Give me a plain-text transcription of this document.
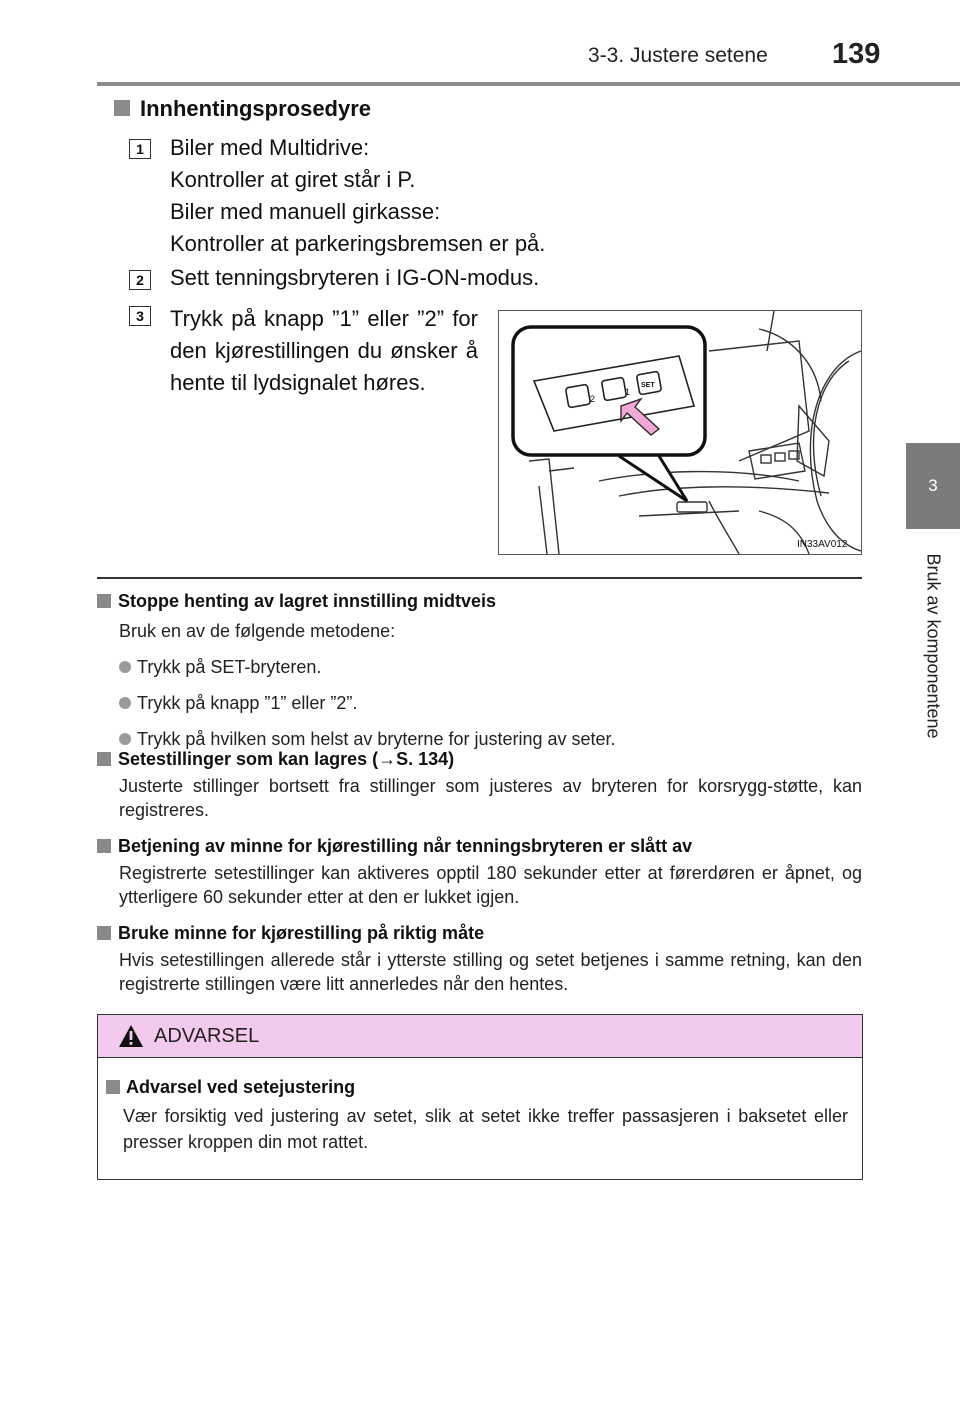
3-3. Justere setene 139
3
Bruk av komponentene
Innhentingsprosedyre
1	Biler med Multidrive:
Kontroller at giret står i P.
Biler med manuell girkasse:
Kontroller at parkeringsbremsen er på.
2	Sett tenningsbryteren i IG-ON-modus.
3	Trykk på knapp ”1” eller ”2” for den kjørestillingen du ønsker å hente til lydsignalet høres.
2
1
SET
IN33AV012
Stoppe henting av lagret innstilling midtveis
Bruk en av de følgende metodene:
Trykk på SET-bryteren.
Trykk på knapp ”1” eller ”2”.
Trykk på hvilken som helst av bryterne for justering av seter.
Setestillinger som kan lagres (→S. 134)
Justerte stillinger bortsett fra stillinger som justeres av bryteren for korsrygg-støtte, kan registreres.
Betjening av minne for kjørestilling når tenningsbryteren er slått av
Registrerte setestillinger kan aktiveres opptil 180 sekunder etter at førerdøren er åpnet, og ytterligere 60 sekunder etter at den er lukket igjen.
Bruke minne for kjørestilling på riktig måte
Hvis setestillingen allerede står i ytterste stilling og setet betjenes i samme retning, kan den registrerte stillingen være litt annerledes når den hentes.
ADVARSEL
Advarsel ved setejustering
Vær forsiktig ved justering av setet, slik at setet ikke treffer passasjeren i baksetet eller presser kroppen din mot rattet.
